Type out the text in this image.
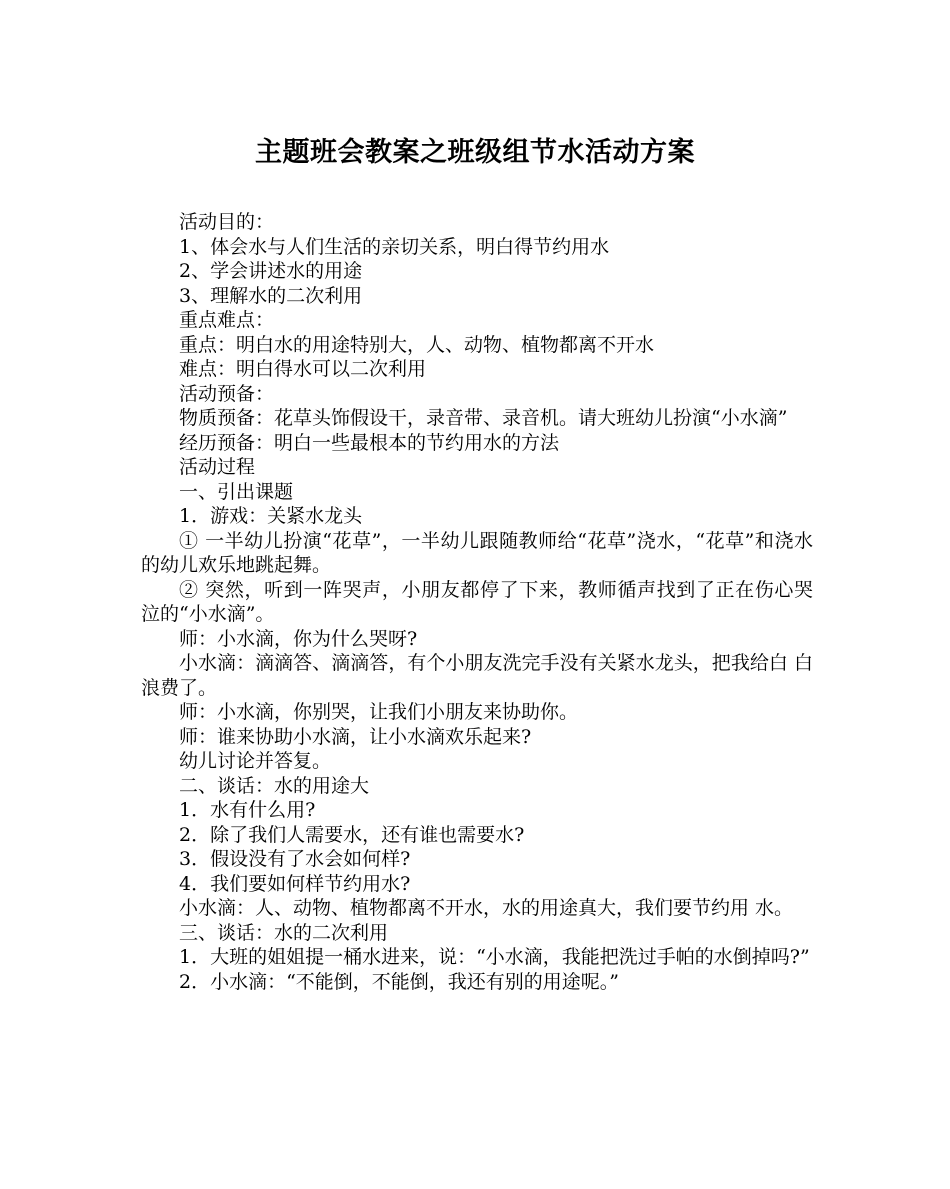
主题班会教案之班级组节水活动方案

活动目的：

1、体会水与人们生活的亲切关系，明白得节约用水

2、学会讲述水的用途

3、理解水的二次利用

重点难点：

重点：明白水的用途特别大，人、动物、植物都离不开水

难点：明白得水可以二次利用

活动预备：

物质预备：花草头饰假设干，录音带、录音机。请大班幼儿扮演“小水滴”

经历预备：明白一些最根本的节约用水的方法

活动过程

一、引出课题

1．游戏：关紧水龙头

① 一半幼儿扮演“花草”，一半幼儿跟随教师给“花草”浇水，“花草”和浇水的幼儿欢乐地跳起舞。

② 突然，听到一阵哭声，小朋友都停了下来，教师循声找到了正在伤心哭 泣的“小水滴”。

师：小水滴，你为什么哭呀?

小水滴：滴滴答、滴滴答，有个小朋友洗完手没有关紧水龙头，把我给白 白浪费了。

师：小水滴，你别哭，让我们小朋友来协助你。

师：谁来协助小水滴，让小水滴欢乐起来?

幼儿讨论并答复。

二、谈话：水的用途大

1．水有什么用?

2．除了我们人需要水，还有谁也需要水?

3．假设没有了水会如何样?

4．我们要如何样节约用水?

小水滴：人、动物、植物都离不开水，水的用途真大，我们要节约用 水。

三、谈话：水的二次利用

1．大班的姐姐提一桶水进来，说：“小水滴，我能把洗过手帕的水倒掉吗?”

2．小水滴：“不能倒，不能倒，我还有别的用途呢。”
